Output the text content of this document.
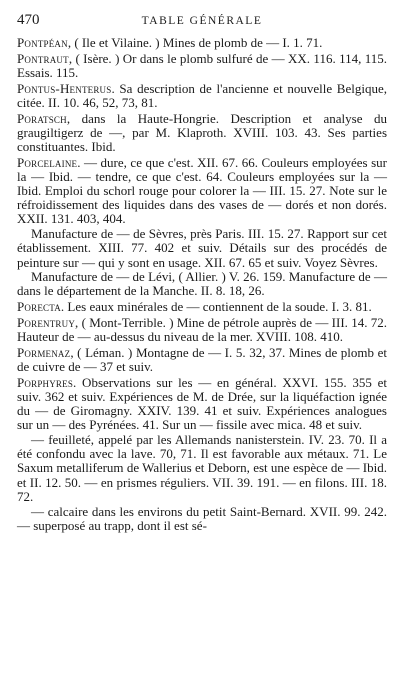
470	TABLE GÉNÉRALE

Pontpéan, ( Ile et Vilaine. ) Mines de plomb de — I. 1. 71.

Pontraut, ( Isère. ) Or dans le plomb sulfuré de — XX. 116. 114, 115. Essais. 115.

Pontus-Henterus. Sa description de l'ancienne et nouvelle Belgique, citée. II. 10. 46, 52, 73, 81.

Poratsch, dans la Haute-Hongrie. Description et analyse du graugiltigerz de —, par M. Klaproth. XVIII. 103. 43. Ses parties constituantes. Ibid.

Porcelaine. — dure, ce que c'est. XII. 67. 66. Couleurs employées sur la — Ibid. — tendre, ce que c'est. 64. Couleurs employées sur la — Ibid. Emploi du schorl rouge pour colorer la — III. 15. 27. Note sur le réfroidissement des liquides dans des vases de — dorés et non dorés. XXII. 131. 403, 404.

Manufacture de — de Sèvres, près Paris. III. 15. 27. Rapport sur cet établissement. XIII. 77. 402 et suiv. Détails sur des procédés de peinture sur — qui y sont en usage. XII. 67. 65 et suiv. Voyez Sèvres.

Manufacture de — de Lévi, ( Allier. ) V. 26. 159. Manufacture de — dans le département de la Manche. II. 8. 18, 26.

Porecta. Les eaux minérales de — contiennent de la soude. I. 3. 81.

Porentruy, ( Mont-Terrible. ) Mine de pétrole auprès de — III. 14. 72. Hauteur de — au-dessus du niveau de la mer. XVIII. 108. 410.

Pormenaz, ( Léman. ) Montagne de — I. 5. 32, 37. Mines de plomb et de cuivre de — 37 et suiv.

Porphyres. Observations sur les — en général. XXVI. 155. 355 et suiv. 362 et suiv. Expériences de M. de Drée, sur la liquéfaction ignée du — de Giromagny. XXIV. 139. 41 et suiv. Expériences analogues sur un — des Pyrénées. 41. Sur un — fissile avec mica. 48 et suiv.

— feuilleté, appelé par les Allemands nanisterstein. IV. 23. 70. Il a été confondu avec la lave. 70, 71. Il est favorable aux métaux. 71. Le Saxum metalliferum de Wallerius et Deborn, est une espèce de — Ibid. et II. 12. 50. — en prismes réguliers. VII. 39. 191. — en filons. III. 18. 72.

— calcaire dans les environs du petit Saint-Bernard. XVII. 99. 242. — superposé au trapp, dont il est sé-
